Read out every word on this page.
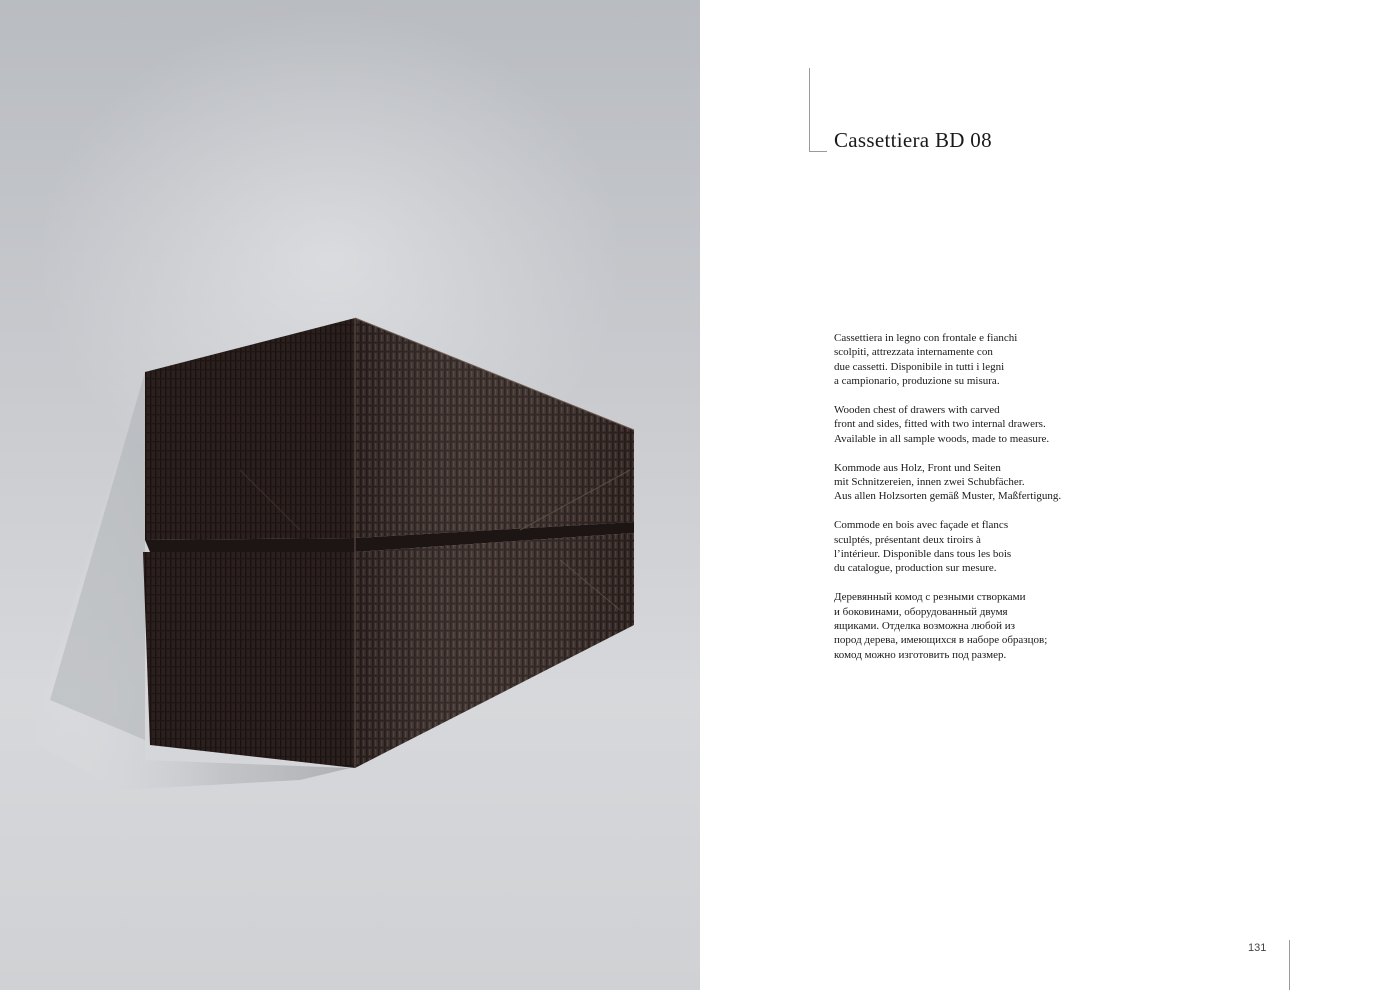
Cassettiera BD 08

Cassettiera in legno con frontale e fianchi
scolpiti, attrezzata internamente con
due cassetti. Disponibile in tutti i legni
a campionario, produzione su misura.

Wooden chest of drawers with carved
front and sides, fitted with two internal drawers.
Available in all sample woods, made to measure.

Kommode aus Holz, Front und Seiten
mit Schnitzereien, innen zwei Schubfächer.
Aus allen Holzsorten gemäß Muster, Maßfertigung.

Commode en bois avec façade et flancs
sculptés, présentant deux tiroirs à
l’intérieur. Disponible dans tous les bois
du catalogue, production sur mesure.

Деревянный комод с резными створками
и боковинами, оборудованный двумя
ящиками. Отделка возможна любой из
пород дерева, имеющихся в наборе образцов;
комод можно изготовить под размер.

131
